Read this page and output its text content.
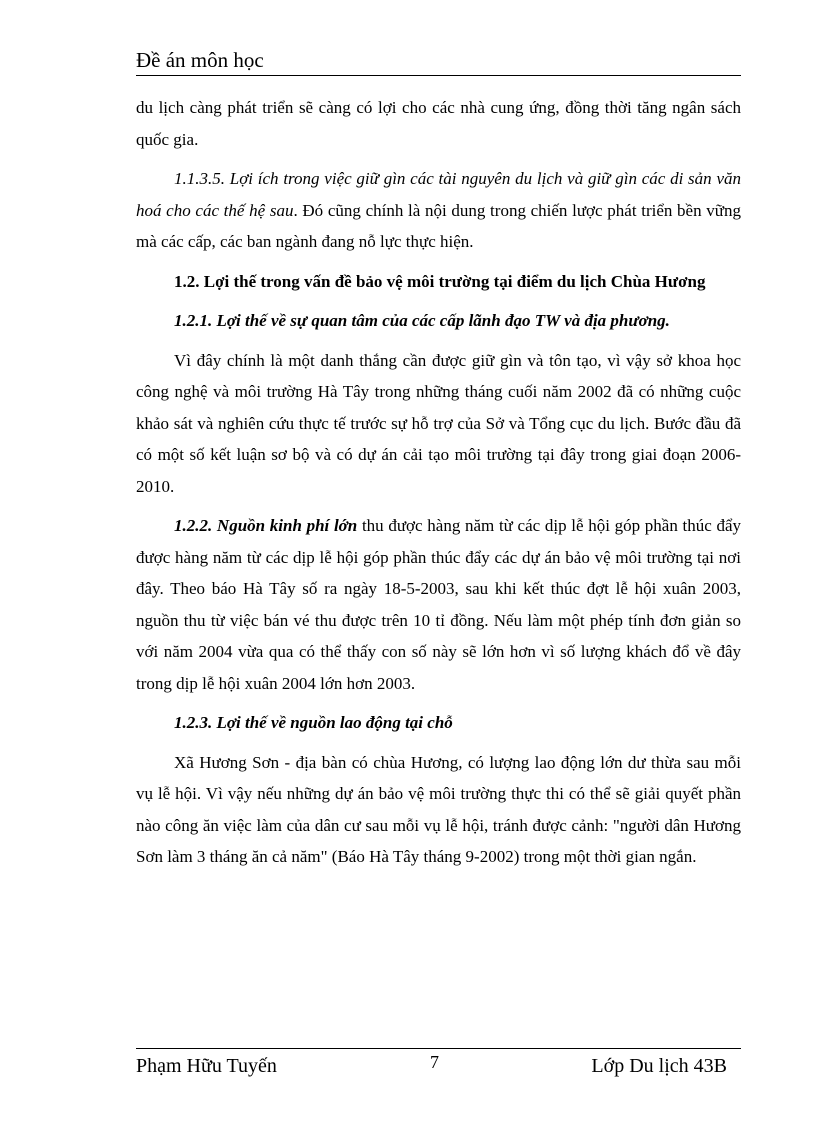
Đề án môn học

du lịch càng phát triển sẽ càng có lợi cho các nhà cung ứng, đồng thời tăng ngân sách quốc gia.

1.1.3.5. Lợi ích trong việc giữ gìn các tài nguyên du lịch và giữ gìn các di sản văn hoá cho các thế hệ sau. Đó cũng chính là nội dung trong chiến lược phát triển bền vững mà các cấp, các ban ngành đang nỗ lực thực hiện.

1.2. Lợi thế trong vấn đề bảo vệ môi trường tại điểm du lịch Chùa Hương

1.2.1. Lợi thế về sự quan tâm của các cấp lãnh đạo TW và địa phương.

Vì đây chính là một danh thắng cần được giữ gìn và tôn tạo, vì vậy sở khoa học công nghệ và môi trường Hà Tây trong những tháng cuối năm 2002 đã có những cuộc khảo sát và nghiên cứu thực tế trước sự hỗ trợ của Sở và Tổng cục du lịch. Bước đầu đã có một số kết luận sơ bộ và có dự án cải tạo môi trường tại đây trong giai đoạn 2006-2010.

1.2.2. Nguồn kinh phí lớn thu được hàng năm từ các dịp lễ hội góp phần thúc đẩy được hàng năm từ các dịp lễ hội góp phần thúc đẩy các dự án bảo vệ môi trường tại nơi đây. Theo báo Hà Tây số ra ngày 18-5-2003, sau khi kết thúc đợt lễ hội xuân 2003, nguồn thu từ việc bán vé thu được trên 10 tỉ đồng. Nếu làm một phép tính đơn giản so với năm 2004 vừa qua có thể thấy con số này sẽ lớn hơn vì số lượng khách đổ về đây trong dịp lễ hội xuân 2004 lớn hơn 2003.

1.2.3. Lợi thế về nguồn lao động tại chỗ

Xã Hương Sơn - địa bàn có chùa Hương, có lượng lao động lớn dư thừa sau mỗi vụ lễ hội. Vì vậy nếu những dự án bảo vệ môi trường thực thi có thể sẽ giải quyết phần nào công ăn việc làm của dân cư sau mỗi vụ lễ hội, tránh được cảnh: "người dân Hương Sơn làm 3 tháng ăn cả năm" (Báo Hà Tây tháng 9-2002) trong một thời gian ngắn.

Phạm Hữu Tuyến	7	Lớp Du lịch 43B
